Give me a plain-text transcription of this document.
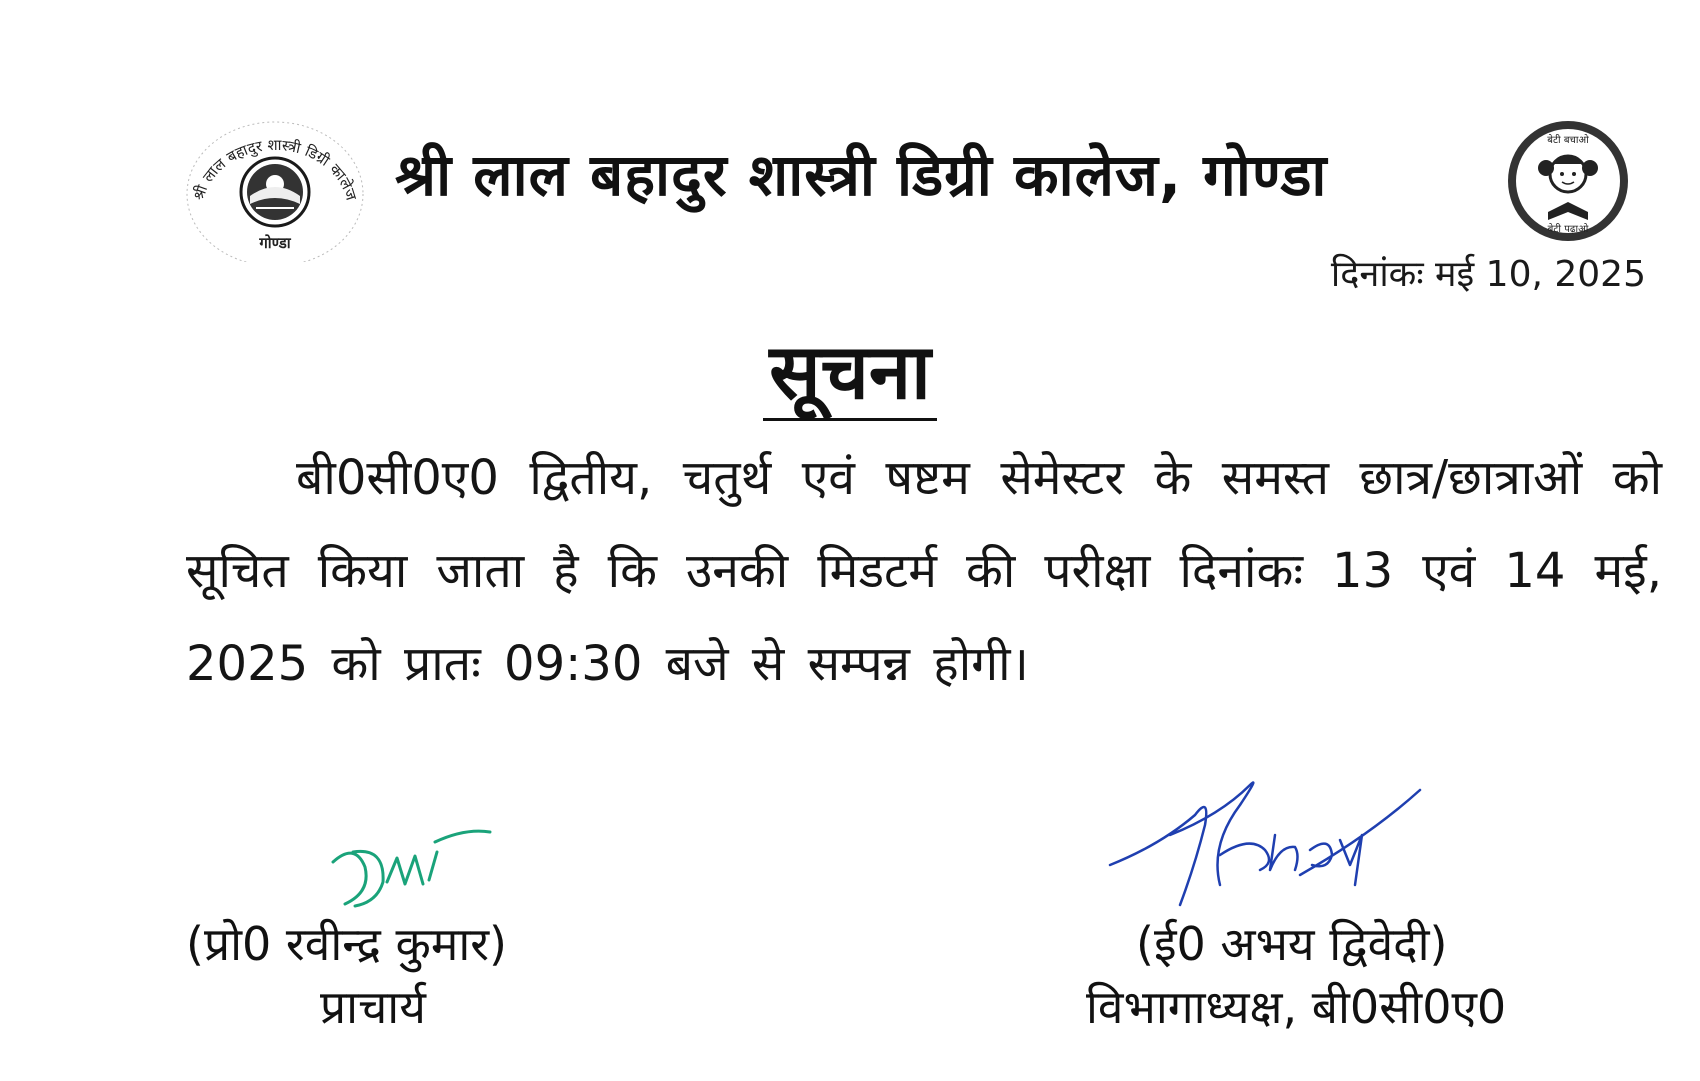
श्री लाल बहादुर शास्त्री डिग्री कालेज
गोण्डा
श्री लाल बहादुर शास्त्री डिग्री कालेज, गोण्डा
बेटी बचाओ
बेटी पढ़ाओ
दिनांकः मई 10, 2025
सूचना
बी0सी0ए0 द्वितीय, चतुर्थ एवं षष्टम सेमेस्टर के समस्त छात्र/छात्राओं को सूचित किया जाता है कि उनकी मिडटर्म की परीक्षा दिनांकः 13 एवं 14 मई, 2025 को प्रातः 09:30 बजे से सम्पन्न होगी।
(प्रो0 रवीन्द्र कुमार)
प्राचार्य
(ई0 अभय द्विवेदी)
विभागाध्यक्ष, बी0सी0ए0
